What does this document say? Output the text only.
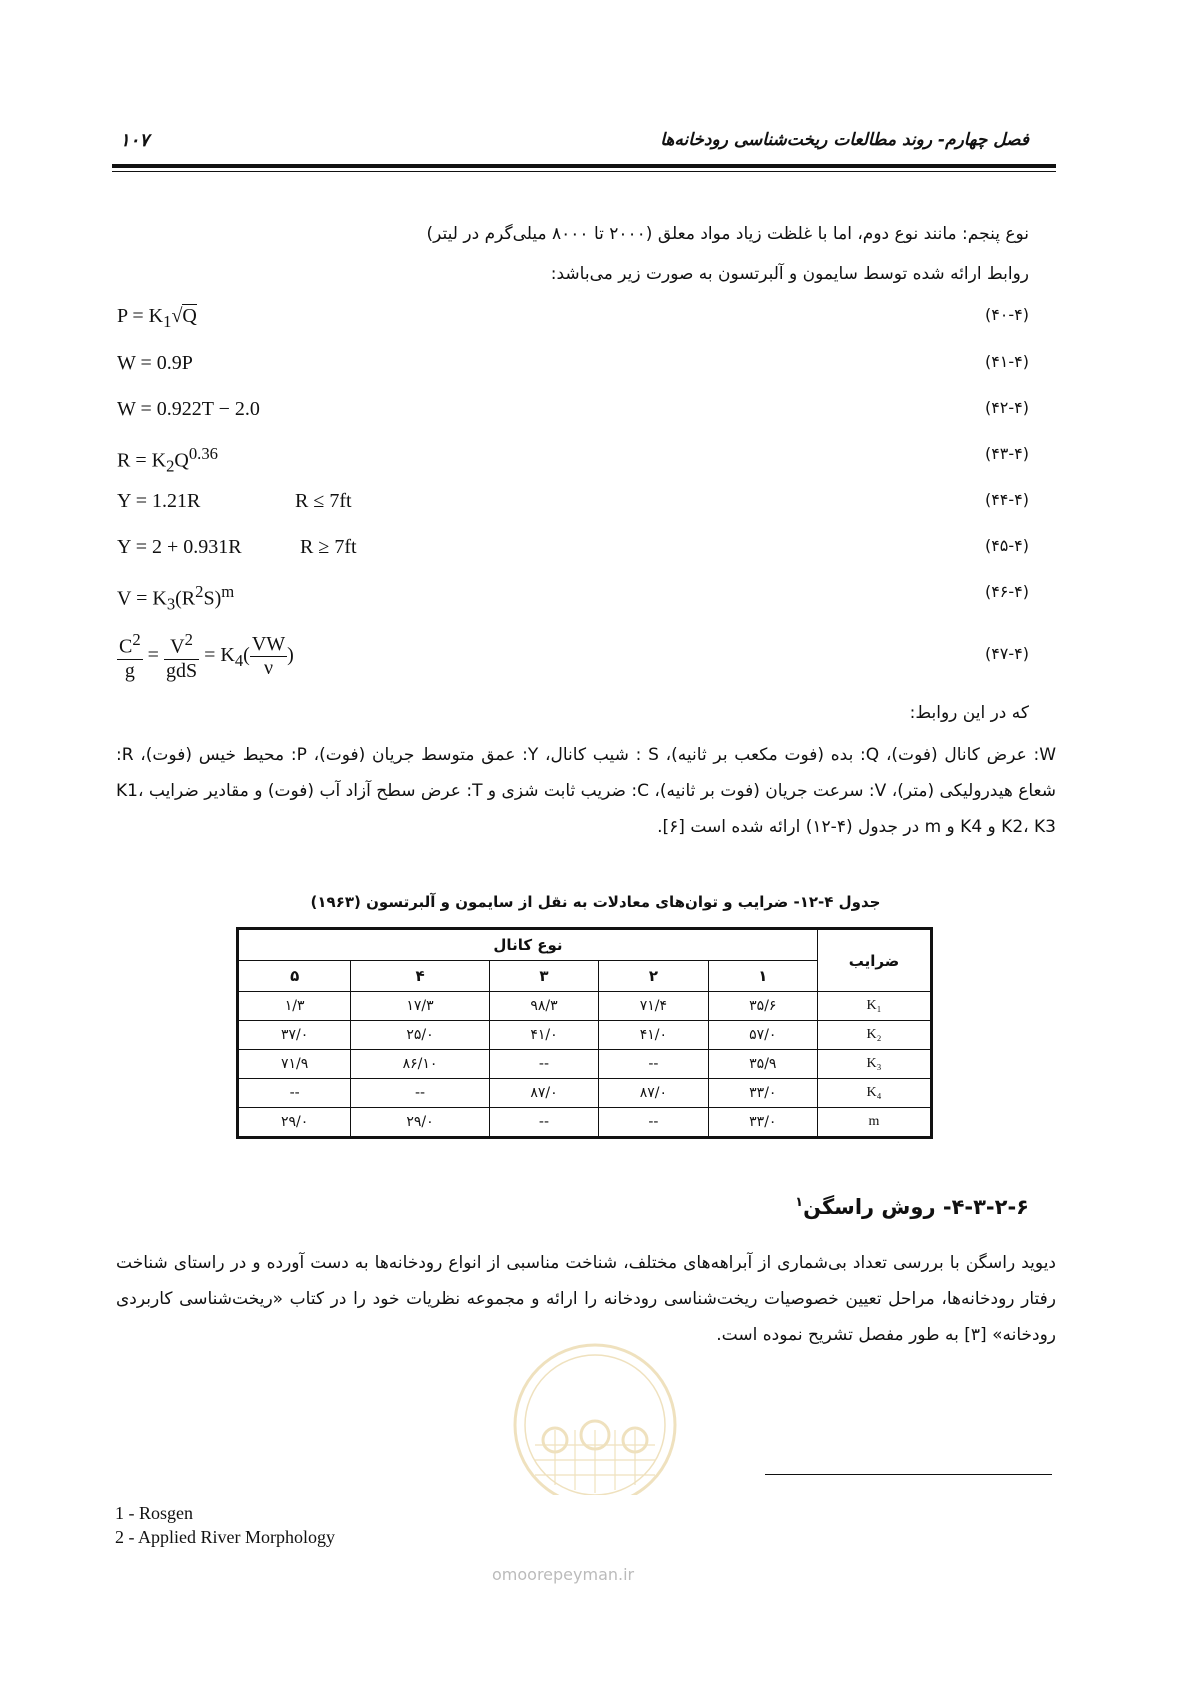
فصل چهارم- روند مطالعات ریخت‌شناسی رودخانه‌ها
۱۰۷
نوع پنجم: مانند نوع دوم، اما با غلظت زیاد مواد معلق (۲۰۰۰ تا ۸۰۰۰ میلی‌گرم در لیتر)
روابط ارائه شده توسط سایمون و آلبرتسون به صورت زیر می‌باشد:
$P = K_1√Q$	(۴۰-۴)
W = 0.9P	(۴۱-۴)
W = 0.922T − 2.0	(۴۲-۴)
$R = K_2Q^{0.36}$	(۴۳-۴)
Y = 1.21R	R ≤ 7ft	(۴۴-۴)
Y = 2 + 0.931R	R ≥ 7ft	(۴۵-۴)
$V = K_3(R^2S)^m$	(۴۶-۴)
$\frac{C^2}{g} = \frac{V^2}{\text{gdS}} = K_4( \frac{VW}{\nu}$ )	(۴۷-۴)
که در این روابط:
W: عرض کانال (فوت)، Q: بده (فوت مکعب بر ثانیه)، S : شیب کانال، Y: عمق متوسط جریان (فوت)، P: محیط خیس (فوت)، R: شعاع هیدرولیکی (متر)، V: سرعت جریان (فوت بر ثانیه)، C: ضریب ثابت شزی و T: عرض سطح آزاد آب (فوت) و مقادیر ضرایب K1، K2، K3 و K4 و m در جدول (۴-۱۲) ارائه شده است [۶].
جدول ۴-۱۲- ضرایب و توان‌های معادلات به نقل از سایمون و آلبرتسون (۱۹۶۳)
ضرایب	نوع کانال				
	۱	۲	۳	۴	۵
K₁	۳۵/۶	۷۱/۴	۹۸/۳	۱۷/۳	۱/۳
K₂	۵۷/۰	۴۱/۰	۴۱/۰	۲۵/۰	۳۷/۰
K₃	۳۵/۹	--	--	۸۶/۱۰	۷۱/۹
K₄	۳۳/۰	۸۷/۰	۸۷/۰	--	--
m	۳۳/۰	--	--	۲۹/۰	۲۹/۰
۴-۳-۲-۶- روش راسگن$^۱$
دیوید راسگن با بررسی تعداد بی‌شماری از آبراهه‌های مختلف، شناخت مناسبی از انواع رودخانه‌ها به دست آورده و در راستای شناخت رفتار رودخانه‌ها، مراحل تعیین خصوصیات ریخت‌شناسی رودخانه را ارائه و مجموعه نظریات خود را در کتاب «ریخت‌شناسی کاربردی رودخانه» [۳] به طور مفصل تشریح نموده است.
omoorepeyman.ir
1 - Rosgen
2 - Applied River Morphology
